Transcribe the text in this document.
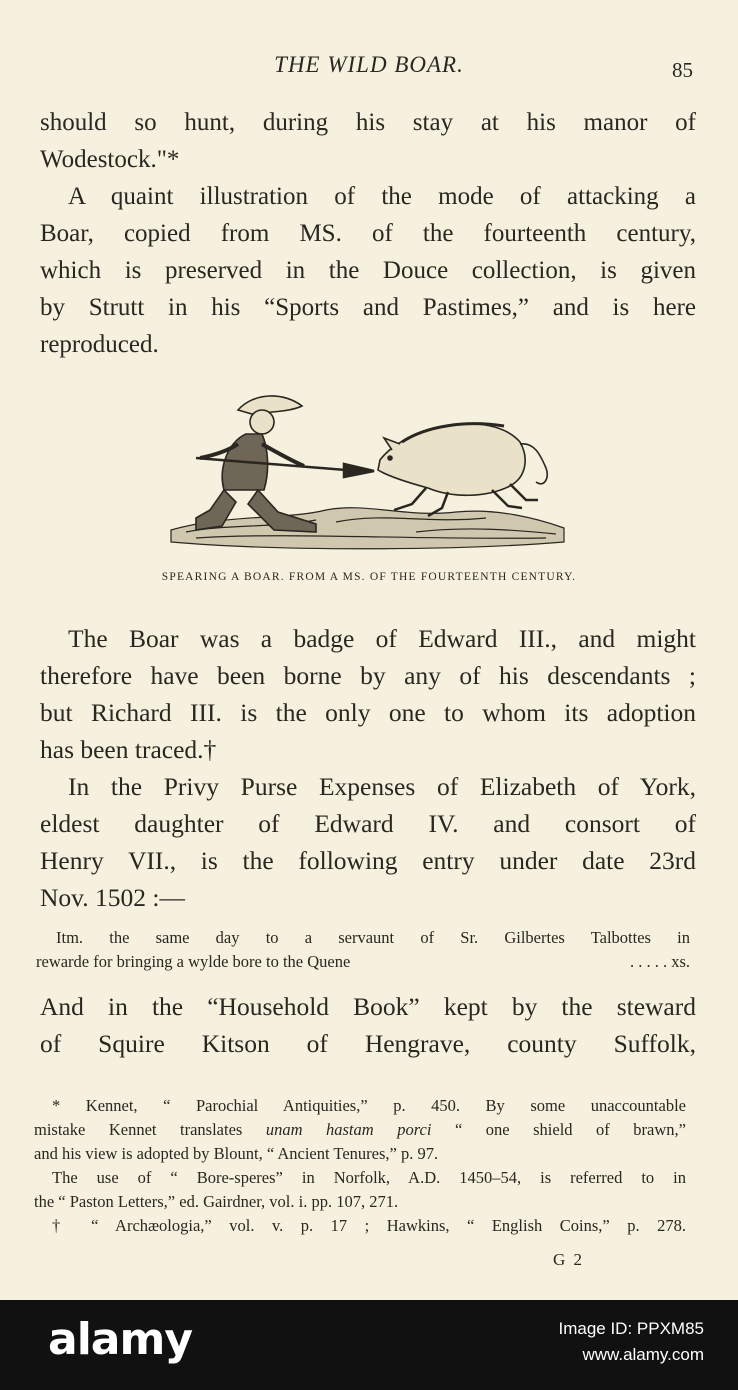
THE WILD BOAR.	85

should so hunt, during his stay at his manor of
Wodestock."*

A quaint illustration of the mode of attacking a
Boar, copied from MS. of the fourteenth century,
which is preserved in the Douce collection, is given
by Strutt in his “Sports and Pastimes,” and is here
reproduced.

SPEARING A BOAR. FROM A MS. OF THE FOURTEENTH CENTURY.

The Boar was a badge of Edward III., and might
therefore have been borne by any of his descendants ;
but Richard III. is the only one to whom its adoption
has been traced.†

In the Privy Purse Expenses of Elizabeth of York,
eldest daughter of Edward IV. and consort of
Henry VII., is the following entry under date 23rd
Nov. 1502 :—

Itm. the same day to a servaunt of Sr. Gilbertes Talbottes in
rewarde for bringing a wylde bore to the Quene	. . . . . xs.

And in the “Household Book” kept by the steward
of Squire Kitson of Hengrave, county Suffolk,

* Kennet, “ Parochial Antiquities,” p. 450. By some unaccountable
mistake Kennet translates unam hastam porci “ one shield of brawn,”
and his view is adopted by Blount, “ Ancient Tenures,” p. 97.
The use of “ Bore-speres” in Norfolk, A.D. 1450–54, is referred to in
the “ Paston Letters,” ed. Gairdner, vol. i. pp. 107, 271.
† “ Archæologia,” vol. v. p. 17 ; Hawkins, “ English Coins,” p. 278.
G 2
alamy	Image ID: PPXM85
www.alamy.com
